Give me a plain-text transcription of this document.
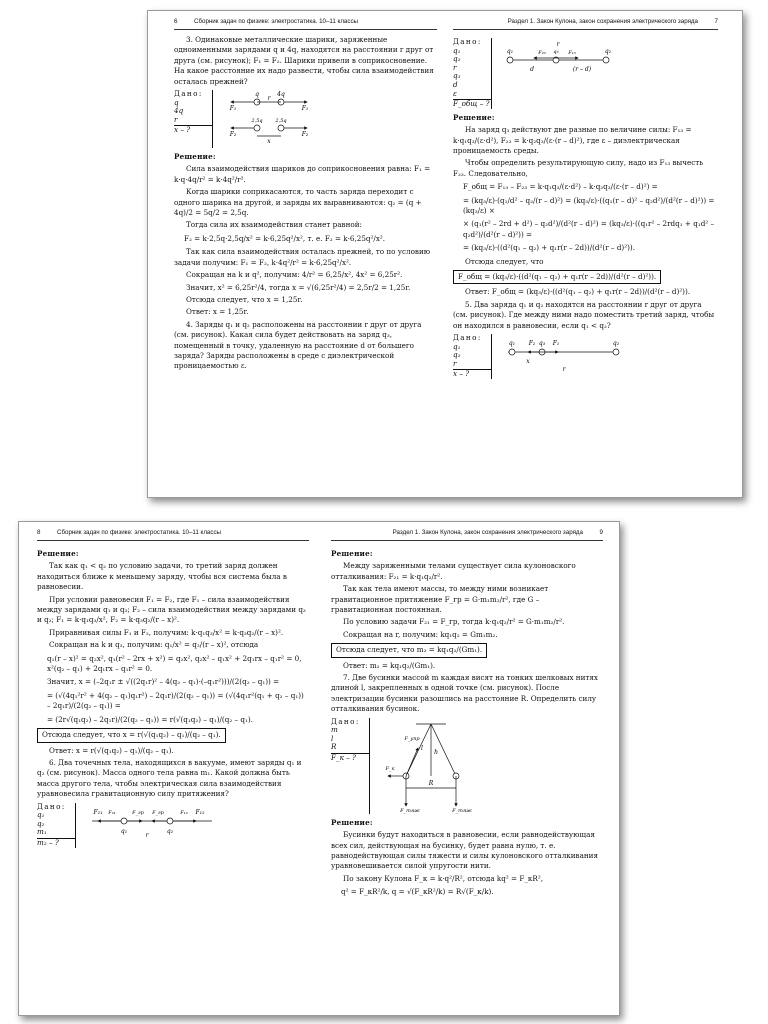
6	Сборник задач по физике: электростатика. 10–11 классы

3. Одинаковые металлические шарики, заряженные одноименными зарядами q и 4q, находятся на расстоянии r друг от друга (см. рисунок); F₁ = F₂. Шарики привели в соприкосновение. На какое расстояние их надо развести, чтобы сила взаимодействия осталась прежней?

Дано:
q
4q
r
x – ?
q
r
4q
F₁	F₁
2,5q	2,5q
x
F₂	F₂

Решение:

Сила взаимодействия шариков до соприкосновения равна: F₁ = k·q·4q/r² = k·4q²/r².

Когда шарики соприкасаются, то часть заряда переходит с одного шарика на другой, и заряды их выравниваются: q₂ = (q + 4q)/2 = 5q/2 = 2,5q.

Тогда сила их взаимодействия станет равной:

F₂ = k·2,5q·2,5q/x² = k·6,25q²/x², т. е. F₂ = k·6,25q²/x².

Так как сила взаимодействия осталась прежней, то по условию задачи получим: F₁ = F₂, k·4q²/r² = k·6,25q²/x².

Сокращая на k и q², получим: 4/r² = 6,25/x², 4x² = 6,25r².

Значит, x² = 6,25r²/4, тогда x = √(6,25r²/4) = 2,5r/2 = 1,25r.

Отсюда следует, что x = 1,25r.

Ответ: x = 1,25r.

4. Заряды q₁ и q₂ расположены на расстоянии r друг от друга (см. рисунок). Какая сила будет действовать на заряд q₃, помещенный в точку, удаленную на расстояние d от большего заряда? Заряды расположены в среде с диэлектрической проницаемостью ε.

Раздел 1. Закон Кулона, закон сохранения электрического заряда	7
Дано:
q₁
q₂
r
q₃
d
ε
F_общ – ?
r
q₁	F₂₃	F₁₃
q₃	q₂
d	(r – d)

Решение:

На заряд q₃ действуют две разные по величине силы: F₁₃ = k·q₁q₃/(ε·d²), F₂₃ = k·q₂q₃/(ε·(r – d)²), где ε – диэлектрическая проницаемость среды.

Чтобы определить результирующую силу, надо из F₁₃ вычесть F₂₃. Следовательно,

F_общ = F₁₃ – F₂₃ = k·q₁q₃/(ε·d²) – k·q₂q₃/(ε·(r – d)²) =

= (kq₃/ε)·(q₁/d² – q₂/(r – d)²) = (kq₃/ε)·((q₁(r – d)² – q₂d²)/(d²(r – d)²)) = (kq₃/ε) ×

× (q₁(r² – 2rd + d²) – q₂d²)/(d²(r – d)²) = (kq₃/ε)·((q₁r² – 2rdq₁ + q₁d² – q₂d²)/(d²(r – d)²)) =

= (kq₃/ε)·((d²(q₁ – q₂) + q₁r(r – 2d))/(d²(r – d)²)).

Отсюда следует, что

F_общ = (kq₃/ε)·((d²(q₁ – q₂) + q₁r(r – 2d))/(d²(r – d)²)).

Ответ: F_общ = (kq₃/ε)·((d²(q₁ – q₂) + q₁r(r – 2d))/(d²(r – d)²)).

5. Два заряда q₁ и q₂ находятся на расстоянии r друг от друга (см. рисунок). Где между ними надо поместить третий заряд, чтобы он находился в равновесии, если q₁ < q₂?

Дано:
q₁
q₂
r
x – ?
q₁ F₂ q₃ F₁	q₂
x
r
8	Сборник задач по физике: электростатика. 10–11 классы

Решение:

Так как q₁ < q₂ по условию задачи, то третий заряд должен находиться ближе к меньшему заряду, чтобы вся система была в равновесии.

При условии равновесия F₁ = F₂, где F₁ – сила взаимодействия между зарядами q₁ и q₃; F₂ – сила взаимодействия между зарядами q₃ и q₂; F₁ = k·q₁q₃/x², F₂ = k·q₃q₂/(r – x)².

Приравнивая силы F₁ и F₂, получим: k·q₁q₃/x² = k·q₃q₂/(r – x)².

Сокращая на k и q₃, получим: q₁/x² = q₂/(r – x)², отсюда

q₁(r – x)² = q₂x², q₁(r² – 2rx + x²) = q₂x², q₂x² – q₁x² + 2q₁rx – q₁r² = 0, x²(q₂ – q₁) + 2q₁rx – q₁r² = 0.

Значит, x = (–2q₁r ± √((2q₁r)² – 4(q₂ – q₁)·(–q₁r²)))/(2(q₂ – q₁)) =

= (√(4q₁²r² + 4(q₂ – q₁)q₁r²) – 2q₁r)/(2(q₂ – q₁)) = (√(4q₁r²(q₁ + q₂ – q₁)) – 2q₁r)/(2(q₂ – q₁)) =

= (2r√(q₁q₂) – 2q₁r)/(2(q₂ – q₁)) = r(√(q₁q₂) – q₁)/(q₂ – q₁).

Отсюда следует, что x = r(√(q₁q₂) – q₁)/(q₂ – q₁).

Ответ: x = r(√(q₁q₂) – q₁)/(q₂ – q₁).

6. Два точечных тела, находящихся в вакууме, имеют заряды q₁ и q₂ (см. рисунок). Масса одного тела равна m₁. Какой должна быть масса другого тела, чтобы электрическая сила взаимодействия уравновесила гравитационную силу притяжения?

Дано:
q₁
q₂
m₁
m₂ – ?
F₂₁	F₁₂
F_гр F_гр
F₂₁	F₁₂
q₁
r
q₂
Раздел 1. Закон Кулона, закон сохранения электрического заряда	9

Решение:

Между заряженными телами существует сила кулоновского отталкивания: F₂₁ = k·q₁q₂/r².

Так как тела имеют массы, то между ними возникает гравитационное притяжение F_гр = G·m₁m₂/r², где G – гравитационная постоянная.

По условию задачи F₂₁ = F_гр, тогда k·q₁q₂/r² = G·m₁m₂/r².

Сокращая на r, получим: kq₁q₂ = Gm₁m₂.

Отсюда следует, что m₂ = kq₁q₂/(Gm₁).

Ответ: m₂ = kq₁q₂/(Gm₁).

7. Две бусинки массой m каждая висят на тонких шелковых нитях длиной l, закрепленных в одной точке (см. рисунок). После электризации бусинки разошлись на расстояние R. Определить силу отталкивания бусинок.

Дано:
m
l
R
F_к – ?
F_упр
F_к
l
h
R
F_тяж	F_тяж

Решение:

Бусинки будут находиться в равновесии, если равнодействующая всех сил, действующая на бусинку, будет равна нулю, т. е. равнодействующая силы тяжести и силы кулоновского отталкивания уравновешивается силой упругости нити.

По закону Кулона F_к = k·q²/R², отсюда kq² = F_кR²,

q² = F_кR²/k, q = √(F_кR²/k) = R√(F_к/k).
